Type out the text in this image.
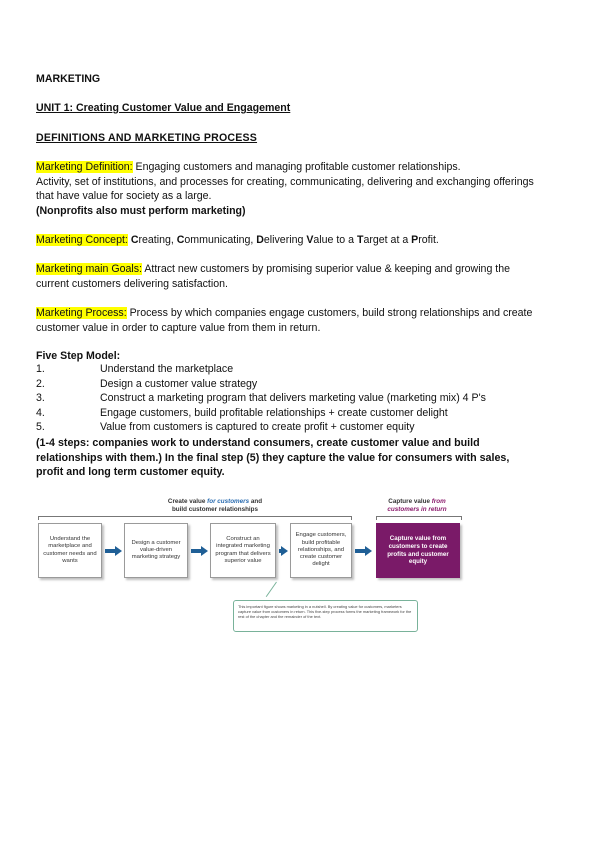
MARKETING

UNIT 1: Creating Customer Value and Engagement

DEFINITIONS AND MARKETING PROCESS

Marketing Definition: Engaging customers and managing profitable customer relationships.
Activity, set of institutions, and processes for creating, communicating, delivering and exchanging offerings that have value for society as a large.
(Nonprofits also must perform marketing)

Marketing Concept: Creating, Communicating, Delivering Value to a Target at a Profit.

Marketing main Goals: Attract new customers by promising superior value & keeping and growing the current customers delivering satisfaction.

Marketing Process: Process by which companies engage customers, build strong relationships and create customer value in order to capture value from them in return.

Five Step Model:

1.	Understand the marketplace
2.	Design a customer value strategy
3.	Construct a marketing program that delivers marketing value (marketing mix) 4 P's
4.	Engage customers, build profitable relationships + create customer delight
5.	Value from customers is captured to create profit + customer equity

(1-4 steps: companies work to understand consumers, create customer value and build relationships with them.) In the final step (5) they capture the value for consumers with sales, profit and long term customer equity.

Create value for customers and
build customer relationships
Capture value from
customers in return
Understand the marketplace and customer needs and wants
Design a customer value-driven marketing strategy
Construct an integrated marketing program that delivers superior value
Engage customers, build profitable relationships, and create customer delight
Capture value from customers to create profits and customer equity
This important figure shows marketing in a nutshell. By creating value for customers, marketers capture value from customers in return. This five-step process forms the marketing framework for the rest of the chapter and the remainder of the text.
